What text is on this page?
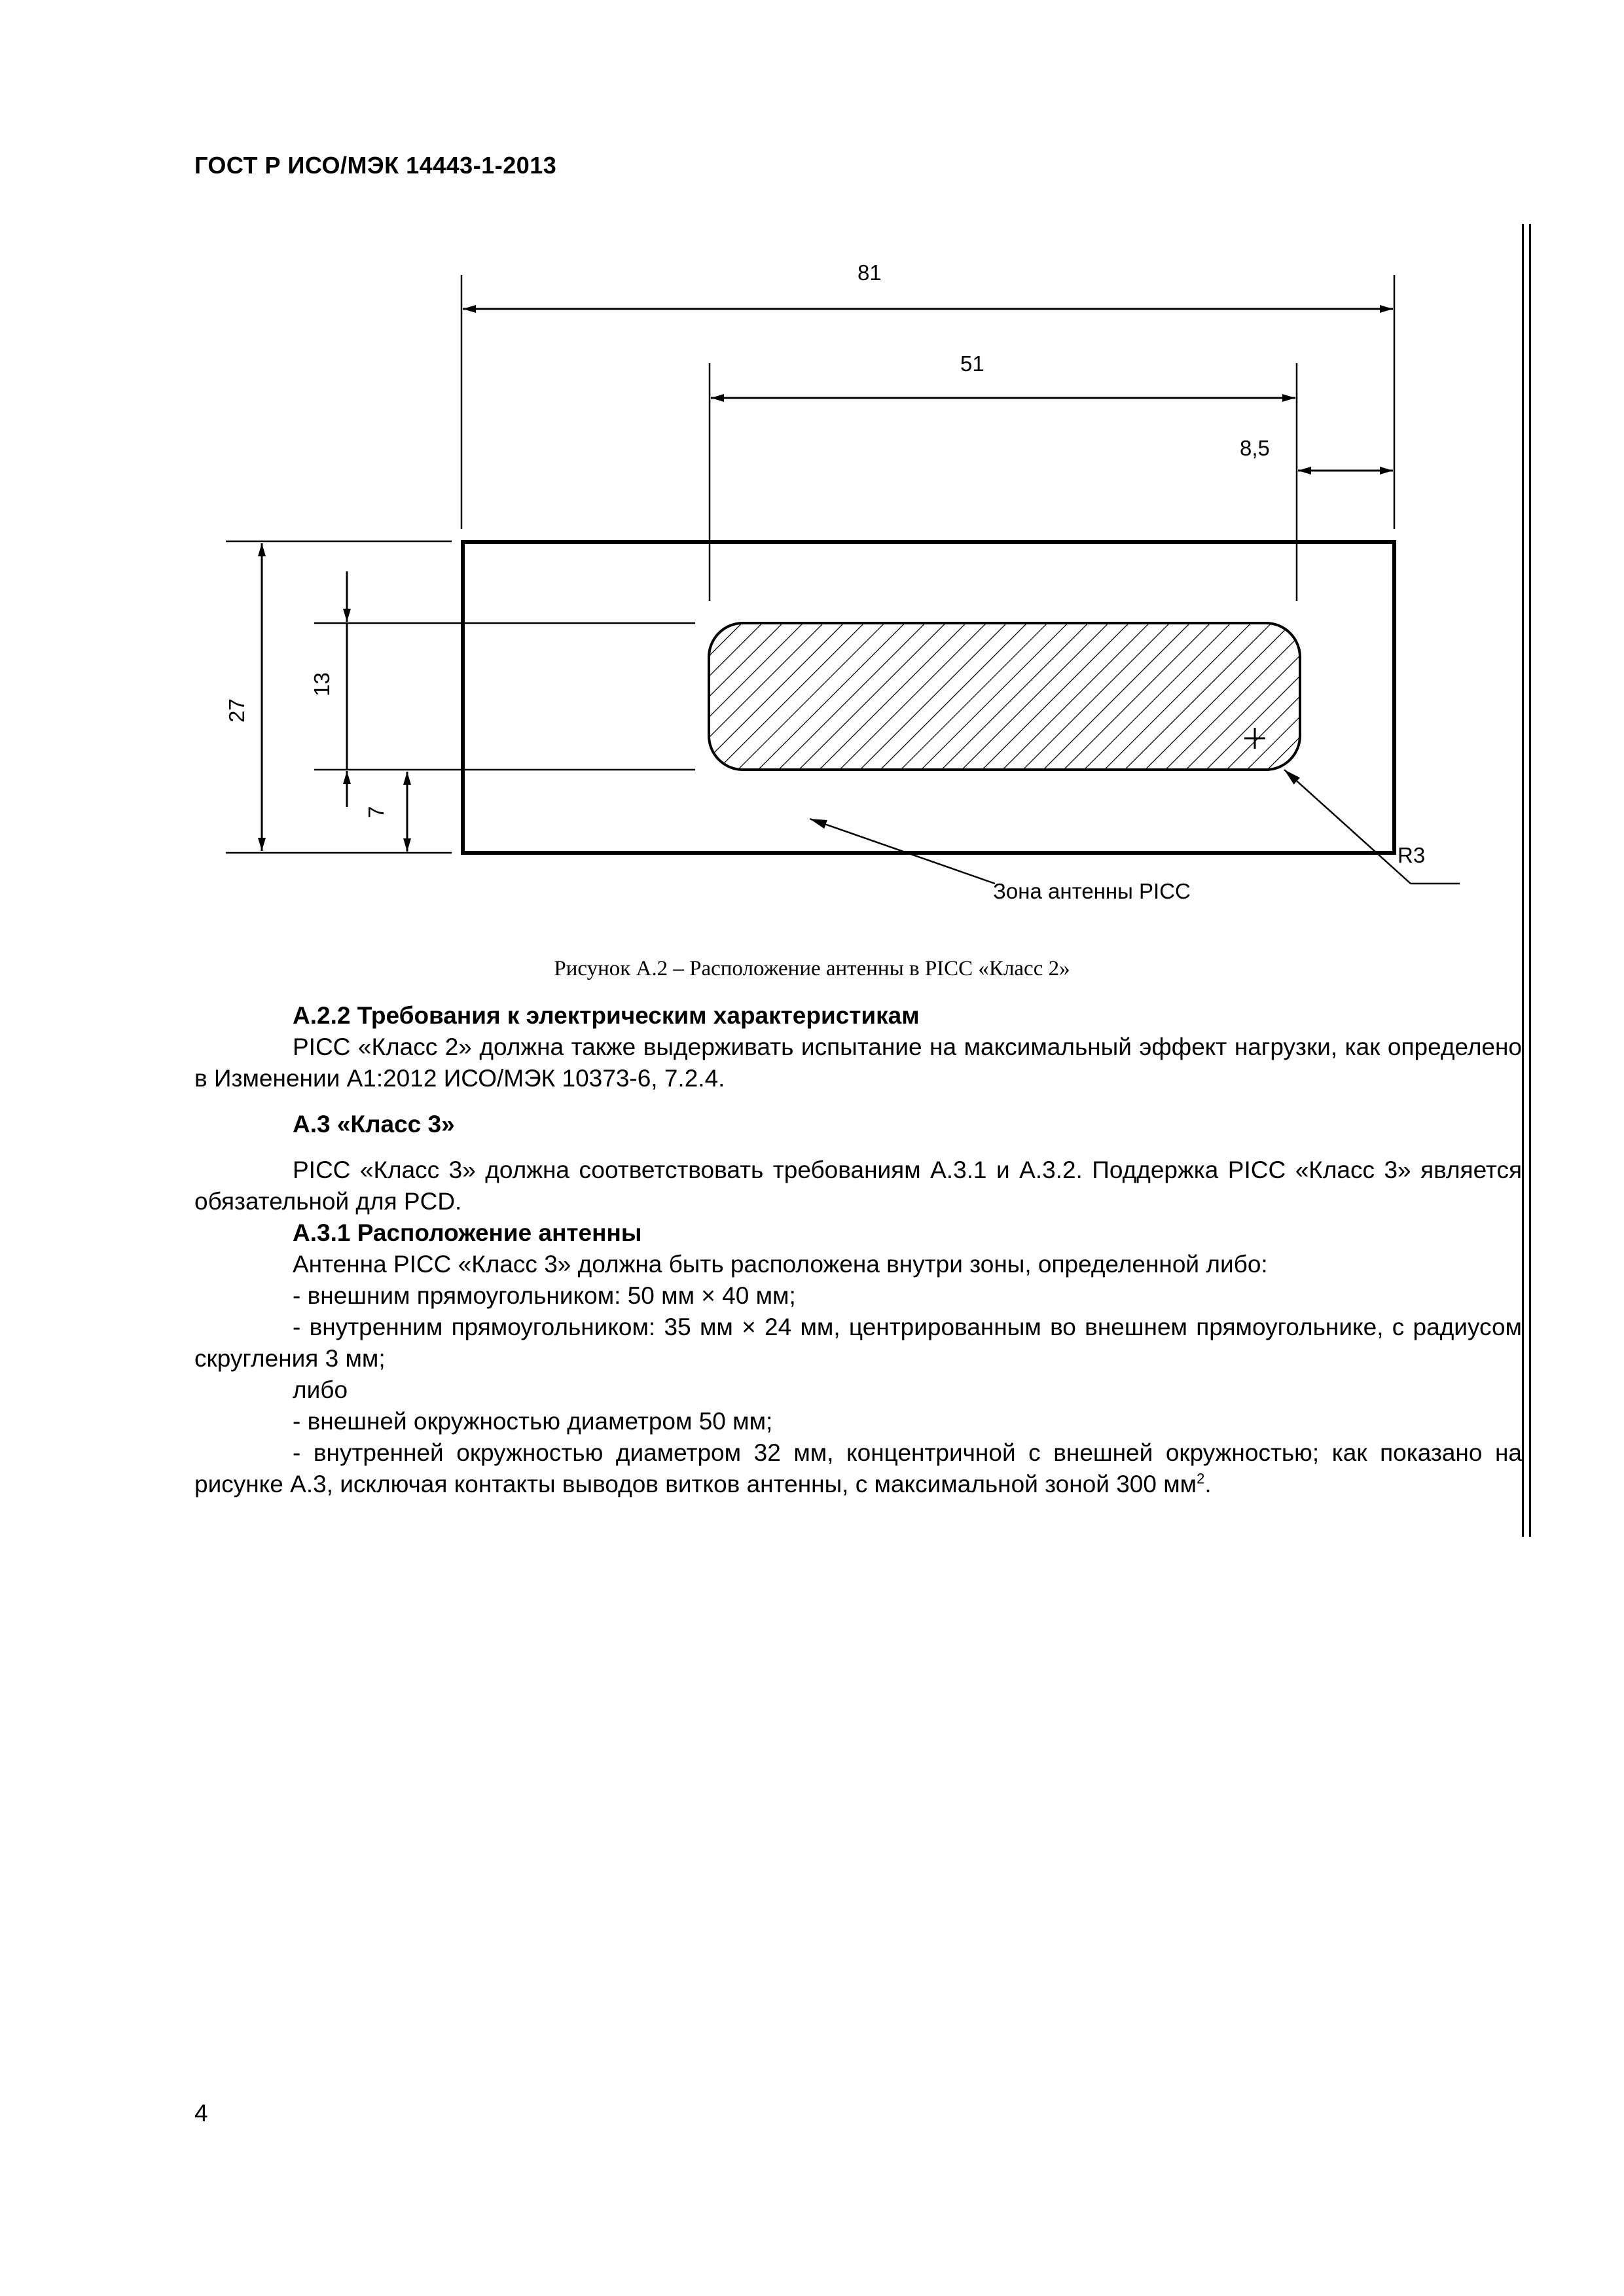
ГОСТ Р ИСО/МЭК 14443-1-2013
81
51
8,5
27
13
7
R3
Зона антенны PICC
Рисунок А.2 – Расположение антенны в PICC «Класс 2»

А.2.2 Требования к электрическим характеристикам

PICC «Класс 2» должна также выдерживать испытание на максимальный эффект нагрузки, как определено в Изменении А1:2012 ИСО/МЭК 10373-6, 7.2.4.

А.3 «Класс 3»

PICC «Класс 3» должна соответствовать требованиям А.3.1 и А.3.2. Поддержка PICC «Класс 3» является обязательной для PCD.

А.3.1 Расположение антенны

Антенна PICC «Класс 3» должна быть расположена внутри зоны, определенной либо:

- внешним прямоугольником: 50 мм × 40 мм;

- внутренним прямоугольником: 35 мм × 24 мм, центрированным во внешнем прямоугольнике, с радиусом скругления 3 мм;

либо

- внешней окружностью диаметром 50 мм;

- внутренней окружностью диаметром 32 мм, концентричной с внешней окружностью; как показано на рисунке А.3, исключая контакты выводов витков антенны, с максимальной зоной 300 $мм^2$.

4
